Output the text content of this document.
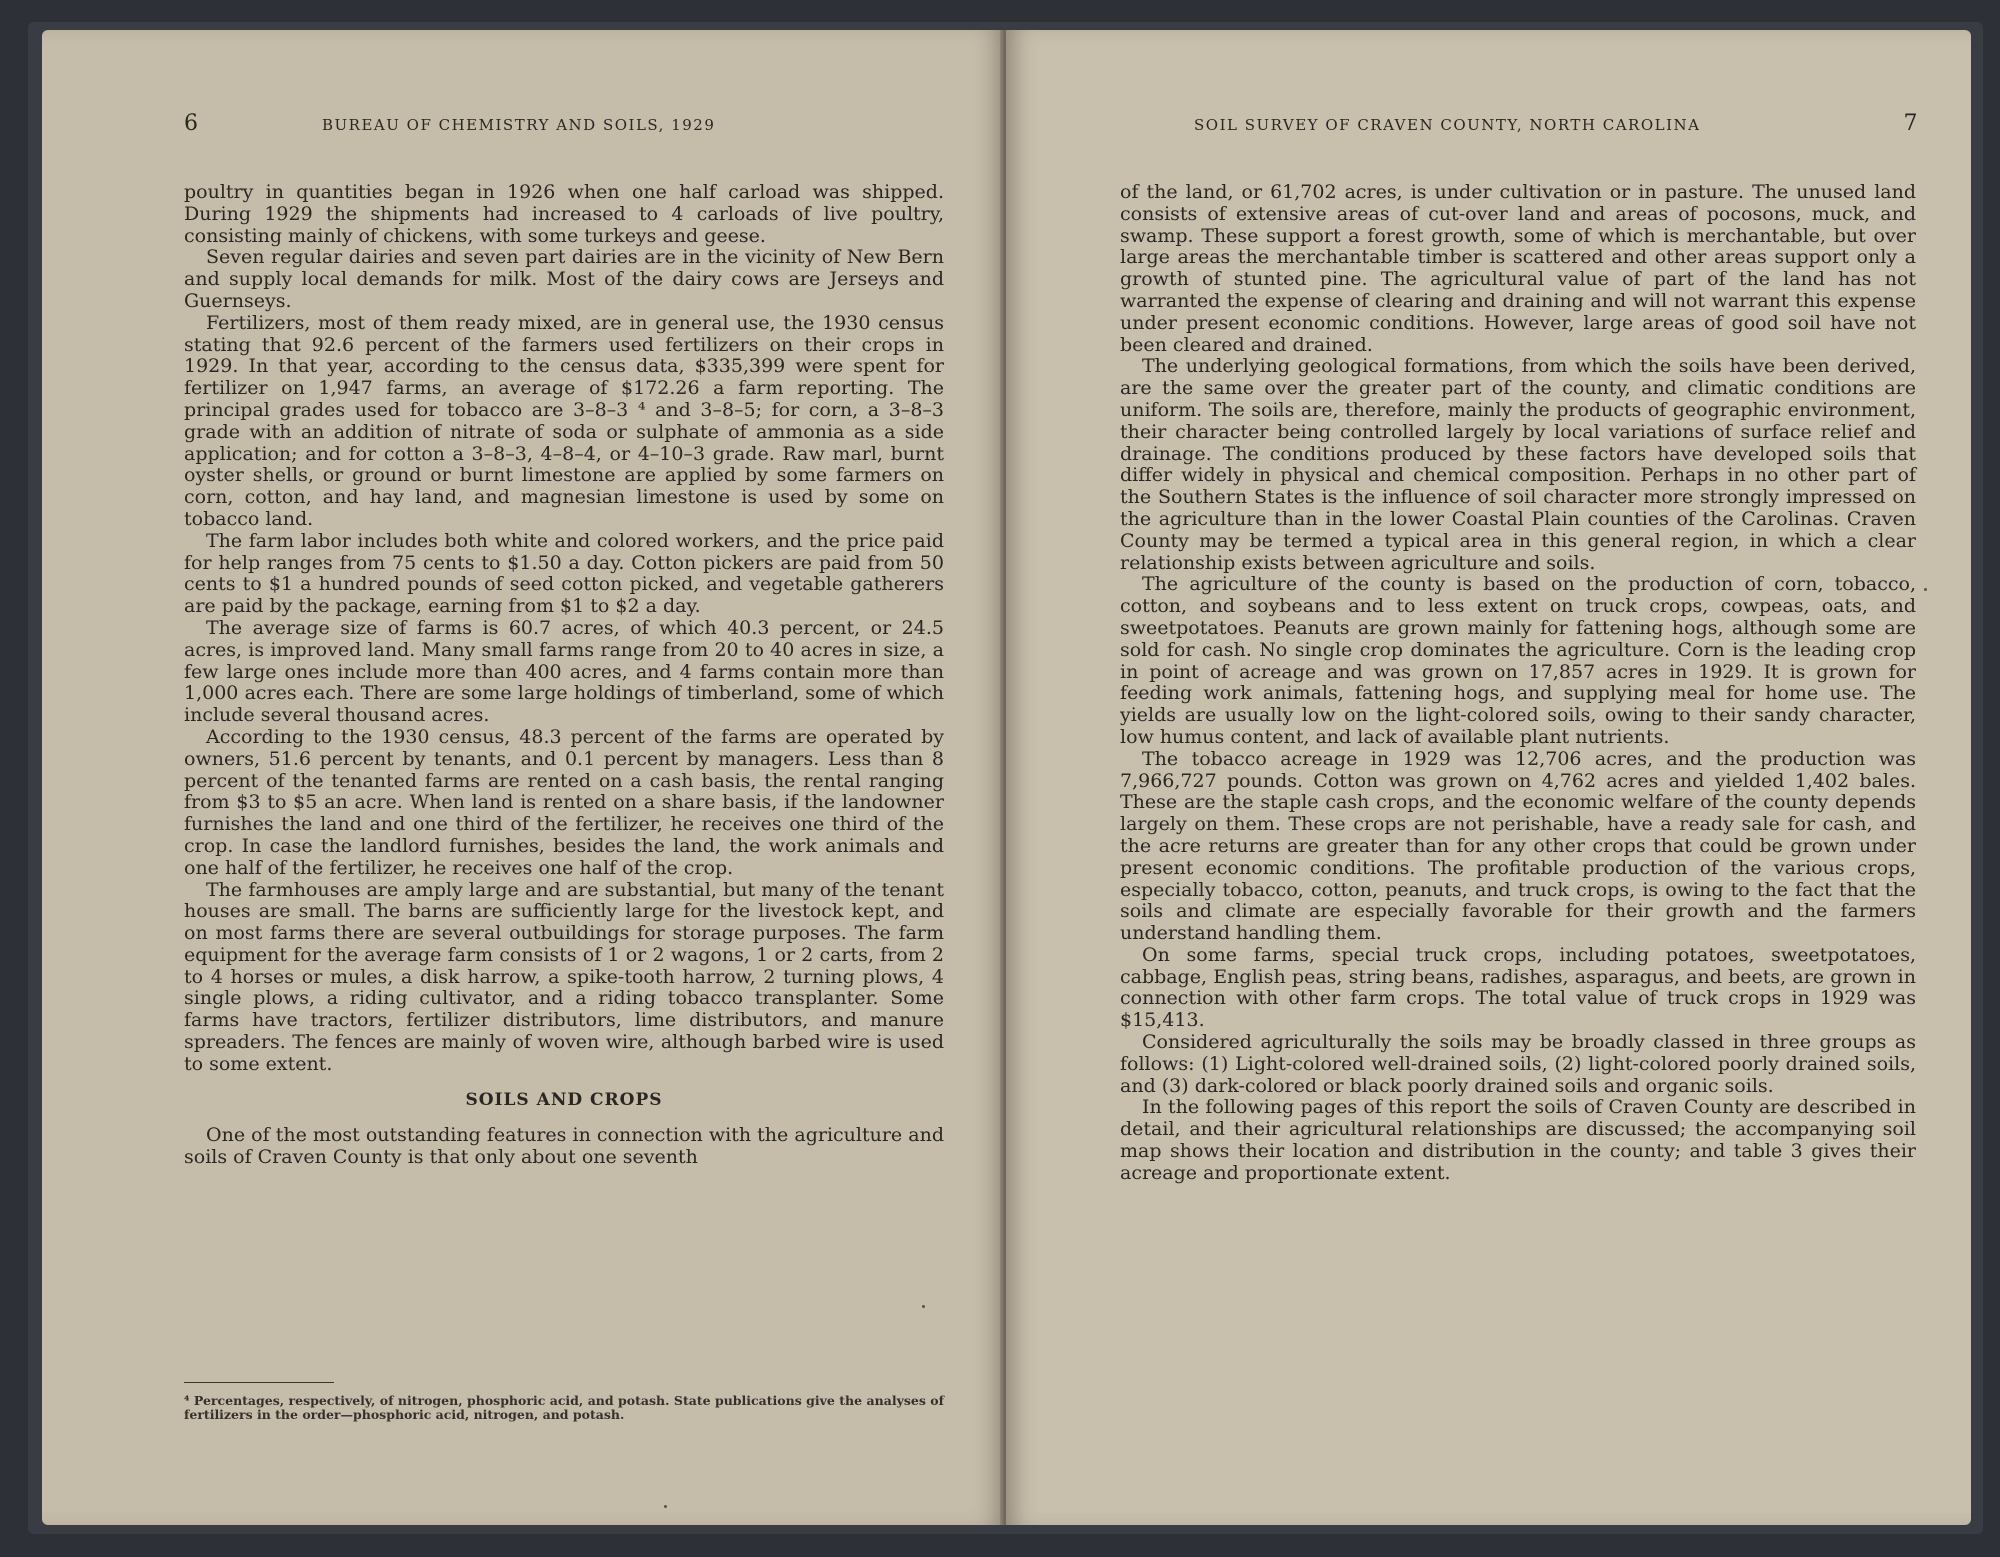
6	BUREAU OF CHEMISTRY AND SOILS, 1929

poultry in quantities began in 1926 when one half carload was shipped. During 1929 the shipments had increased to 4 carloads of live poultry, consisting mainly of chickens, with some turkeys and geese.

Seven regular dairies and seven part dairies are in the vicinity of New Bern and supply local demands for milk. Most of the dairy cows are Jerseys and Guernseys.

Fertilizers, most of them ready mixed, are in general use, the 1930 census stating that 92.6 percent of the farmers used fertilizers on their crops in 1929. In that year, according to the census data, $335,399 were spent for fertilizer on 1,947 farms, an average of $172.26 a farm reporting. The principal grades used for tobacco are 3–8–3 ⁴ and 3–8–5; for corn, a 3–8–3 grade with an addition of nitrate of soda or sulphate of ammonia as a side application; and for cotton a 3–8–3, 4–8–4, or 4–10–3 grade. Raw marl, burnt oyster shells, or ground or burnt limestone are applied by some farmers on corn, cotton, and hay land, and magnesian limestone is used by some on tobacco land.

The farm labor includes both white and colored workers, and the price paid for help ranges from 75 cents to $1.50 a day. Cotton pickers are paid from 50 cents to $1 a hundred pounds of seed cotton picked, and vegetable gatherers are paid by the package, earning from $1 to $2 a day.

The average size of farms is 60.7 acres, of which 40.3 percent, or 24.5 acres, is improved land. Many small farms range from 20 to 40 acres in size, a few large ones include more than 400 acres, and 4 farms contain more than 1,000 acres each. There are some large holdings of timberland, some of which include several thousand acres.

According to the 1930 census, 48.3 percent of the farms are operated by owners, 51.6 percent by tenants, and 0.1 percent by managers. Less than 8 percent of the tenanted farms are rented on a cash basis, the rental ranging from $3 to $5 an acre. When land is rented on a share basis, if the landowner furnishes the land and one third of the fertilizer, he receives one third of the crop. In case the landlord furnishes, besides the land, the work animals and one half of the fertilizer, he receives one half of the crop.

The farmhouses are amply large and are substantial, but many of the tenant houses are small. The barns are sufficiently large for the livestock kept, and on most farms there are several outbuildings for storage purposes. The farm equipment for the average farm consists of 1 or 2 wagons, 1 or 2 carts, from 2 to 4 horses or mules, a disk harrow, a spike-tooth harrow, 2 turning plows, 4 single plows, a riding cultivator, and a riding tobacco transplanter. Some farms have tractors, fertilizer distributors, lime distributors, and manure spreaders. The fences are mainly of woven wire, although barbed wire is used to some extent.

SOILS AND CROPS

One of the most outstanding features in connection with the agriculture and soils of Craven County is that only about one seventh

⁴ Percentages, respectively, of nitrogen, phosphoric acid, and potash. State publications give the analyses of fertilizers in the order—phosphoric acid, nitrogen, and potash.
SOIL SURVEY OF CRAVEN COUNTY, NORTH CAROLINA	7

of the land, or 61,702 acres, is under cultivation or in pasture. The unused land consists of extensive areas of cut-over land and areas of pocosons, muck, and swamp. These support a forest growth, some of which is merchantable, but over large areas the merchantable timber is scattered and other areas support only a growth of stunted pine. The agricultural value of part of the land has not warranted the expense of clearing and draining and will not warrant this expense under present economic conditions. However, large areas of good soil have not been cleared and drained.

The underlying geological formations, from which the soils have been derived, are the same over the greater part of the county, and climatic conditions are uniform. The soils are, therefore, mainly the products of geographic environment, their character being controlled largely by local variations of surface relief and drainage. The conditions produced by these factors have developed soils that differ widely in physical and chemical composition. Perhaps in no other part of the Southern States is the influence of soil character more strongly impressed on the agriculture than in the lower Coastal Plain counties of the Carolinas. Craven County may be termed a typical area in this general region, in which a clear relationship exists between agriculture and soils.

The agriculture of the county is based on the production of corn, tobacco, cotton, and soybeans and to less extent on truck crops, cowpeas, oats, and sweetpotatoes. Peanuts are grown mainly for fattening hogs, although some are sold for cash. No single crop dominates the agriculture. Corn is the leading crop in point of acreage and was grown on 17,857 acres in 1929. It is grown for feeding work animals, fattening hogs, and supplying meal for home use. The yields are usually low on the light-colored soils, owing to their sandy character, low humus content, and lack of available plant nutrients.

The tobacco acreage in 1929 was 12,706 acres, and the production was 7,966,727 pounds. Cotton was grown on 4,762 acres and yielded 1,402 bales. These are the staple cash crops, and the economic welfare of the county depends largely on them. These crops are not perishable, have a ready sale for cash, and the acre returns are greater than for any other crops that could be grown under present economic conditions. The profitable production of the various crops, especially tobacco, cotton, peanuts, and truck crops, is owing to the fact that the soils and climate are especially favorable for their growth and the farmers understand handling them.

On some farms, special truck crops, including potatoes, sweetpotatoes, cabbage, English peas, string beans, radishes, asparagus, and beets, are grown in connection with other farm crops. The total value of truck crops in 1929 was $15,413.

Considered agriculturally the soils may be broadly classed in three groups as follows: (1) Light-colored well-drained soils, (2) light-colored poorly drained soils, and (3) dark-colored or black poorly drained soils and organic soils.

In the following pages of this report the soils of Craven County are described in detail, and their agricultural relationships are discussed; the accompanying soil map shows their location and distribution in the county; and table 3 gives their acreage and proportionate extent.
